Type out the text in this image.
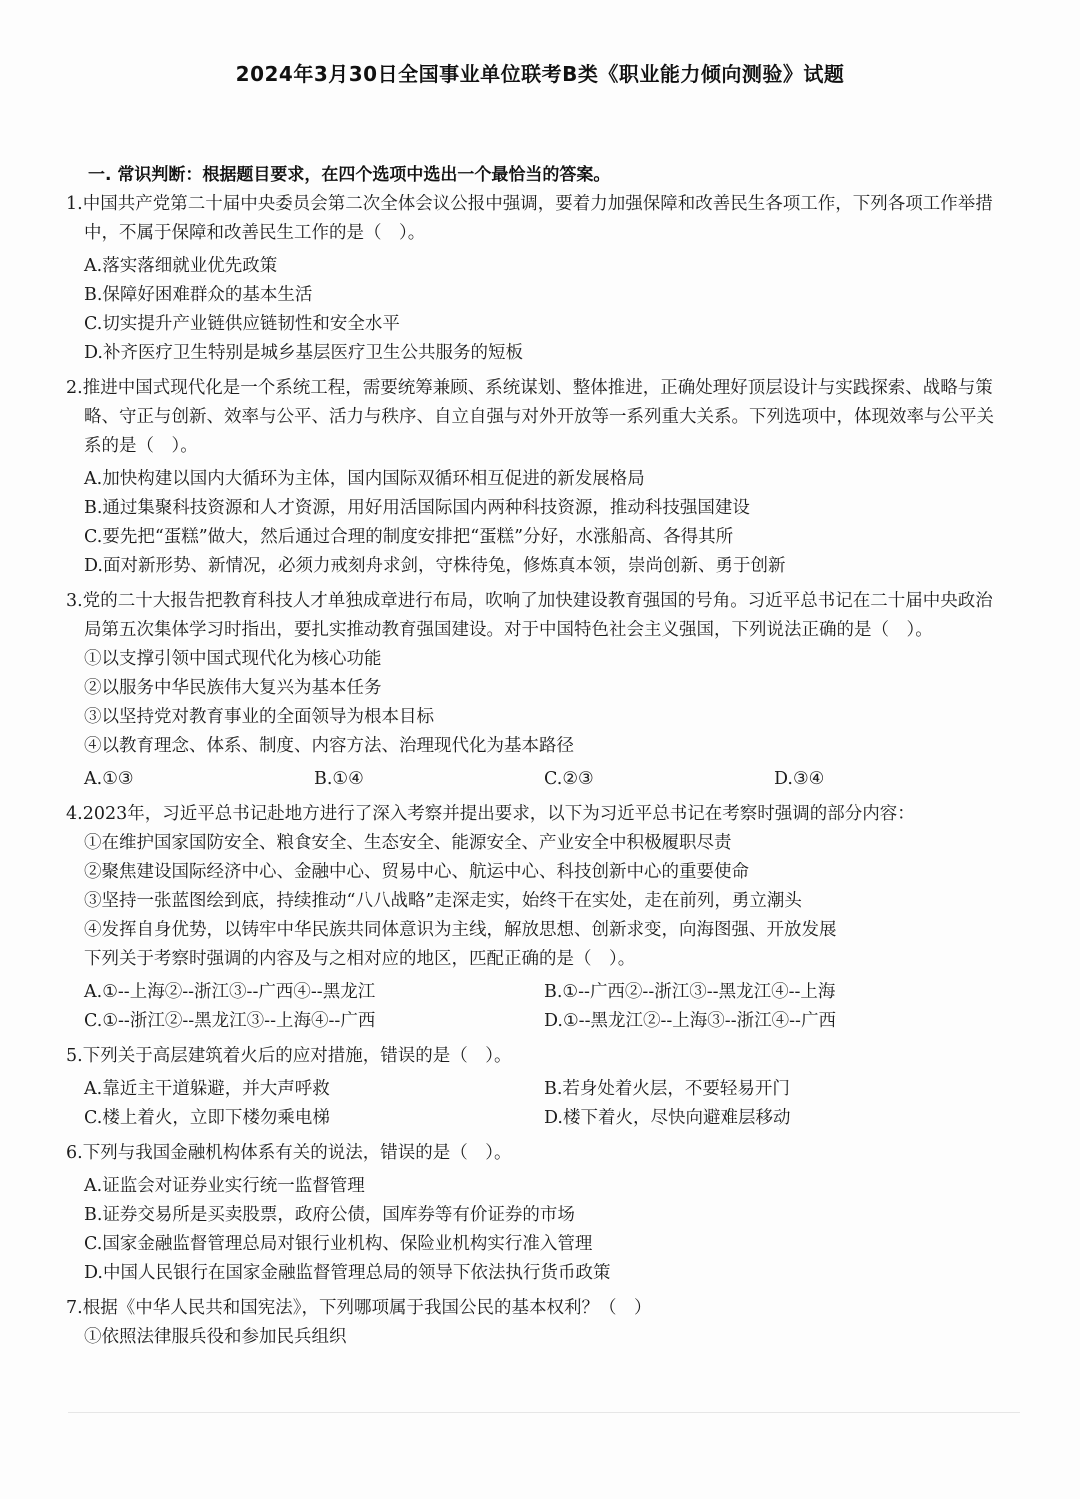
2024年3月30日全国事业单位联考B类《职业能力倾向测验》试题
一. 常识判断：根据题目要求，在四个选项中选出一个最恰当的答案。
1.中国共产党第二十届中央委员会第二次全体会议公报中强调，要着力加强保障和改善民生各项工作，下列各项工作举措中，不属于保障和改善民生工作的是（　）。
A.落实落细就业优先政策
B.保障好困难群众的基本生活
C.切实提升产业链供应链韧性和安全水平
D.补齐医疗卫生特别是城乡基层医疗卫生公共服务的短板
2.推进中国式现代化是一个系统工程，需要统筹兼顾、系统谋划、整体推进，正确处理好顶层设计与实践探索、战略与策略、守正与创新、效率与公平、活力与秩序、自立自强与对外开放等一系列重大关系。下列选项中，体现效率与公平关系的是（　）。
A.加快构建以国内大循环为主体，国内国际双循环相互促进的新发展格局
B.通过集聚科技资源和人才资源，用好用活国际国内两种科技资源，推动科技强国建设
C.要先把“蛋糕”做大，然后通过合理的制度安排把“蛋糕”分好，水涨船高、各得其所
D.面对新形势、新情况，必须力戒刻舟求剑，守株待兔，修炼真本领，崇尚创新、勇于创新
3.党的二十大报告把教育科技人才单独成章进行布局，吹响了加快建设教育强国的号角。习近平总书记在二十届中央政治局第五次集体学习时指出，要扎实推动教育强国建设。对于中国特色社会主义强国，下列说法正确的是（　）。
①以支撑引领中国式现代化为核心功能
②以服务中华民族伟大复兴为基本任务
③以坚持党对教育事业的全面领导为根本目标
④以教育理念、体系、制度、内容方法、治理现代化为基本路径
A.①③	B.①④	C.②③	D.③④
4.2023年，习近平总书记赴地方进行了深入考察并提出要求，以下为习近平总书记在考察时强调的部分内容：
①在维护国家国防安全、粮食安全、生态安全、能源安全、产业安全中积极履职尽责
②聚焦建设国际经济中心、金融中心、贸易中心、航运中心、科技创新中心的重要使命
③坚持一张蓝图绘到底，持续推动“八八战略”走深走实，始终干在实处，走在前列，勇立潮头
④发挥自身优势，以铸牢中华民族共同体意识为主线，解放思想、创新求变，向海图强、开放发展
下列关于考察时强调的内容及与之相对应的地区，匹配正确的是（　）。
A.①--上海②--浙江③--广西④--黑龙江	B.①--广西②--浙江③--黑龙江④--上海
C.①--浙江②--黑龙江③--上海④--广西	D.①--黑龙江②--上海③--浙江④--广西
5.下列关于高层建筑着火后的应对措施，错误的是（　）。
A.靠近主干道躲避，并大声呼救	B.若身处着火层，不要轻易开门
C.楼上着火，立即下楼勿乘电梯	D.楼下着火，尽快向避难层移动
6.下列与我国金融机构体系有关的说法，错误的是（　）。
A.证监会对证券业实行统一监督管理
B.证券交易所是买卖股票，政府公债，国库券等有价证券的市场
C.国家金融监督管理总局对银行业机构、保险业机构实行准入管理
D.中国人民银行在国家金融监督管理总局的领导下依法执行货币政策
7.根据《中华人民共和国宪法》，下列哪项属于我国公民的基本权利？（　）
①依照法律服兵役和参加民兵组织
